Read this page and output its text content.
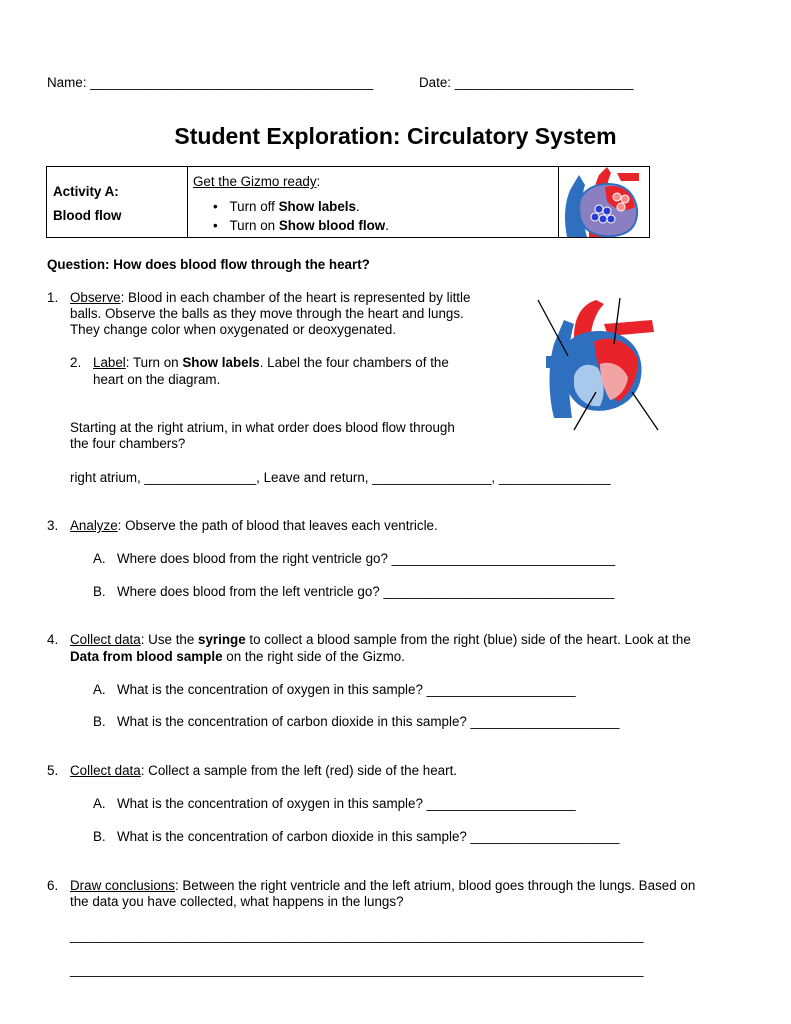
Name: ______________________________________	Date: ________________________
Student Exploration: Circulatory System
Activity A:
Blood flow
Get the Gizmo ready:
• Turn off Show labels.
• Turn on Show blood flow.
Question: How does blood flow through the heart?
1. Observe: Blood in each chamber of the heart is represented by little
balls. Observe the balls as they move through the heart and lungs.
They change color when oxygenated or deoxygenated.
2. Label: Turn on Show labels. Label the four chambers of the
heart on the diagram.
Starting at the right atrium, in what order does blood flow through
the four chambers?
right atrium, _______________, Leave and return, ________________, _______________
3. Analyze: Observe the path of blood that leaves each ventricle.
A. Where does blood from the right ventricle go? ______________________________
B. Where does blood from the left ventricle go? _______________________________
4. Collect data: Use the syringe to collect a blood sample from the right (blue) side of the heart. Look at the
Data from blood sample on the right side of the Gizmo.
A. What is the concentration of oxygen in this sample? ____________________
B. What is the concentration of carbon dioxide in this sample? ____________________
5. Collect data: Collect a sample from the left (red) side of the heart.
A. What is the concentration of oxygen in this sample? ____________________
B. What is the concentration of carbon dioxide in this sample? ____________________
6. Draw conclusions: Between the right ventricle and the left atrium, blood goes through the lungs. Based on
the data you have collected, what happens in the lungs?
_____________________________________________________________________________
_____________________________________________________________________________
